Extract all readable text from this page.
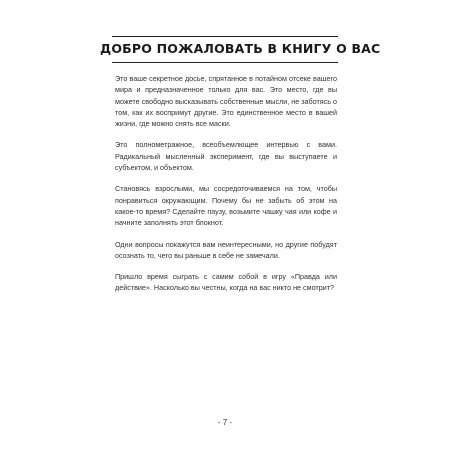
ДОБРО ПОЖАЛОВАТЬ В КНИГУ О ВАС

Это ваше секретное досье, спрятанное в потайном отсеке вашего мира и предназначенное только для вас. Это место, где вы можете свободно высказывать собственные мысли, не заботясь о том, как их воспримут другие. Это единственное место в вашей жизни, где можно снять все маски.

Это полнометражное, всеобъемлющее интервью с вами. Радикальный мысленный эксперимент, где вы выступаете и субъектом, и объектом.

Становясь взрослыми, мы сосредоточиваемся на том, чтобы понравиться окружающим. Почему бы не забыть об этом на какое-то время? Сделайте паузу, возьмите чашку чая или кофе и начните заполнять этот блокнот.

Одни вопросы покажутся вам неинтересными, но другие побудят осознать то, чего вы раньше в себе не замечали.

Пришло время сыграть с самим собой в игру «Правда или действие». Насколько вы честны, когда на вас никто не смотрит?

- 7 -
